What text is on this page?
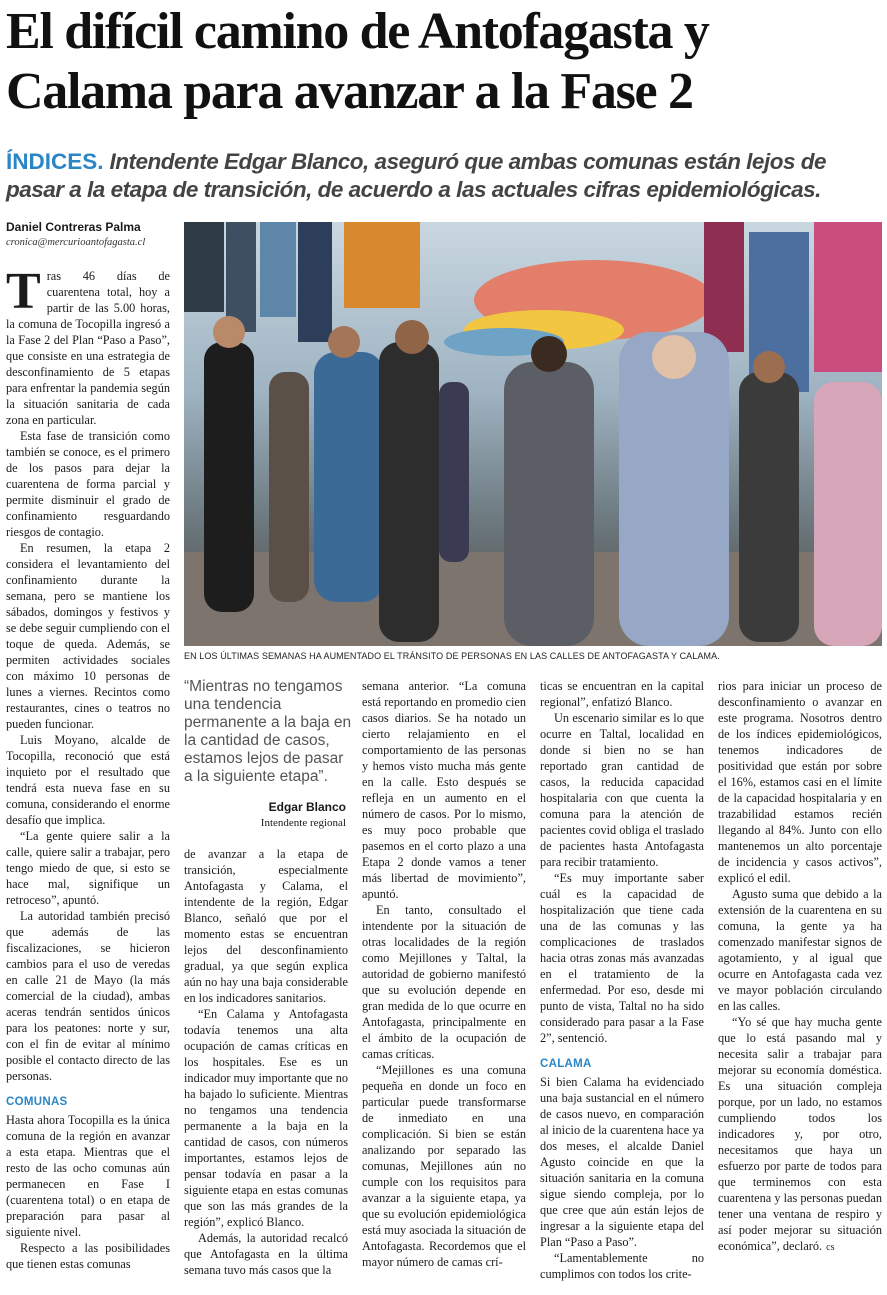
El difícil camino de Antofagasta y Calama para avanzar a la Fase 2
ÍNDICES. Intendente Edgar Blanco, aseguró que ambas comunas están lejos de pasar a la etapa de transición, de acuerdo a las actuales cifras epidemiológicas.
Daniel Contreras Palma
cronica@mercurioantofagasta.cl
EN LOS ÚLTIMAS SEMANAS HA AUMENTADO EL TRÁNSITO DE PERSONAS EN LAS CALLES DE ANTOFAGASTA Y CALAMA.

Tras 46 días de cuarentena total, hoy a partir de las 5.00 horas, la comuna de Tocopilla ingresó a la Fase 2 del Plan “Paso a Paso”, que consiste en una estrategia de desconfinamiento de 5 etapas para enfrentar la pandemia según la situación sanitaria de cada zona en particular.

Esta fase de transición como también se conoce, es el primero de los pasos para dejar la cuarentena de forma parcial y permite disminuir el grado de confinamiento resguardando riesgos de contagio.

En resumen, la etapa 2 considera el levantamiento del confinamiento durante la semana, pero se mantiene los sábados, domingos y festivos y se debe seguir cumpliendo con el toque de queda. Además, se permiten actividades sociales con máximo 10 personas de lunes a viernes. Recintos como restaurantes, cines o teatros no pueden funcionar.

Luis Moyano, alcalde de Tocopilla, reconoció que está inquieto por el resultado que tendrá esta nueva fase en su comuna, considerando el enorme desafío que implica.

“La gente quiere salir a la calle, quiere salir a trabajar, pero tengo miedo de que, si esto se hace mal, signifique un retroceso”, apuntó.

La autoridad también precisó que además de las fiscalizaciones, se hicieron cambios para el uso de veredas en calle 21 de Mayo (la más comercial de la ciudad), ambas aceras tendrán sentidos únicos para los peatones: norte y sur, con el fin de evitar al mínimo posible el contacto directo de las personas.

COMUNAS

Hasta ahora Tocopilla es la única comuna de la región en avanzar a esta etapa. Mientras que el resto de las ocho comunas aún permanecen en Fase I (cuarentena total) o en etapa de preparación para pasar al siguiente nivel.

Respecto a las posibilidades que tienen estas comunas

“Mientras no tengamos una tendencia permanente a la baja en la cantidad de casos, estamos lejos de pasar a la siguiente etapa”.
Edgar Blanco
Intendente regional

de avanzar a la etapa de transición, especialmente Antofagasta y Calama, el intendente de la región, Edgar Blanco, señaló que por el momento estas se encuentran lejos del desconfinamiento gradual, ya que según explica aún no hay una baja considerable en los indicadores sanitarios.

“En Calama y Antofagasta todavía tenemos una alta ocupación de camas críticas en los hospitales. Ese es un indicador muy importante que no ha bajado lo suficiente. Mientras no tengamos una tendencia permanente a la baja en la cantidad de casos, con números importantes, estamos lejos de pensar todavía en pasar a la siguiente etapa en estas comunas que son las más grandes de la región”, explicó Blanco.

Además, la autoridad recalcó que Antofagasta en la última semana tuvo más casos que la

semana anterior. “La comuna está reportando en promedio cien casos diarios. Se ha notado un cierto relajamiento en el comportamiento de las personas y hemos visto mucha más gente en la calle. Esto después se refleja en un aumento en el número de casos. Por lo mismo, es muy poco probable que pasemos en el corto plazo a una Etapa 2 donde vamos a tener más libertad de movimiento”, apuntó.

En tanto, consultado el intendente por la situación de otras localidades de la región como Mejillones y Taltal, la autoridad de gobierno manifestó que su evolución depende en gran medida de lo que ocurre en Antofagasta, principalmente en el ámbito de la ocupación de camas críticas.

“Mejillones es una comuna pequeña en donde un foco en particular puede transformarse de inmediato en una complicación. Si bien se están analizando por separado las comunas, Mejillones aún no cumple con los requisitos para avanzar a la siguiente etapa, ya que su evolución epidemiológica está muy asociada la situación de Antofagasta. Recordemos que el mayor número de camas crí-

ticas se encuentran en la capital regional”, enfatizó Blanco.

Un escenario similar es lo que ocurre en Taltal, localidad en donde si bien no se han reportado gran cantidad de casos, la reducida capacidad hospitalaria con que cuenta la comuna para la atención de pacientes covid obliga el traslado de pacientes hasta Antofagasta para recibir tratamiento.

“Es muy importante saber cuál es la capacidad de hospitalización que tiene cada una de las comunas y las complicaciones de traslados hacia otras zonas más avanzadas en el tratamiento de la enfermedad. Por eso, desde mi punto de vista, Taltal no ha sido considerado para pasar a la Fase 2”, sentenció.

CALAMA

Si bien Calama ha evidenciado una baja sustancial en el número de casos nuevo, en comparación al inicio de la cuarentena hace ya dos meses, el alcalde Daniel Agusto coincide en que la situación sanitaria en la comuna sigue siendo compleja, por lo que cree que aún están lejos de ingresar a la siguiente etapa del Plan “Paso a Paso”.

“Lamentablemente no cumplimos con todos los crite-

rios para iniciar un proceso de desconfinamiento o avanzar en este programa. Nosotros dentro de los índices epidemiológicos, tenemos indicadores de positividad que están por sobre el 16%, estamos casi en el límite de la capacidad hospitalaria y en trazabilidad estamos recién llegando al 84%. Junto con ello mantenemos un alto porcentaje de incidencia y casos activos”, explicó el edil.

Agusto suma que debido a la extensión de la cuarentena en su comuna, la gente ya ha comenzado manifestar signos de agotamiento, y al igual que ocurre en Antofagasta cada vez ve mayor población circulando en las calles.

“Yo sé que hay mucha gente que lo está pasando mal y necesita salir a trabajar para mejorar su economía doméstica. Es una situación compleja porque, por un lado, no estamos cumpliendo todos los indicadores y, por otro, necesitamos que haya un esfuerzo por parte de todos para que terminemos con esta cuarentena y las personas puedan tener una ventana de respiro y así poder mejorar su situación económica”, declaró. cs
